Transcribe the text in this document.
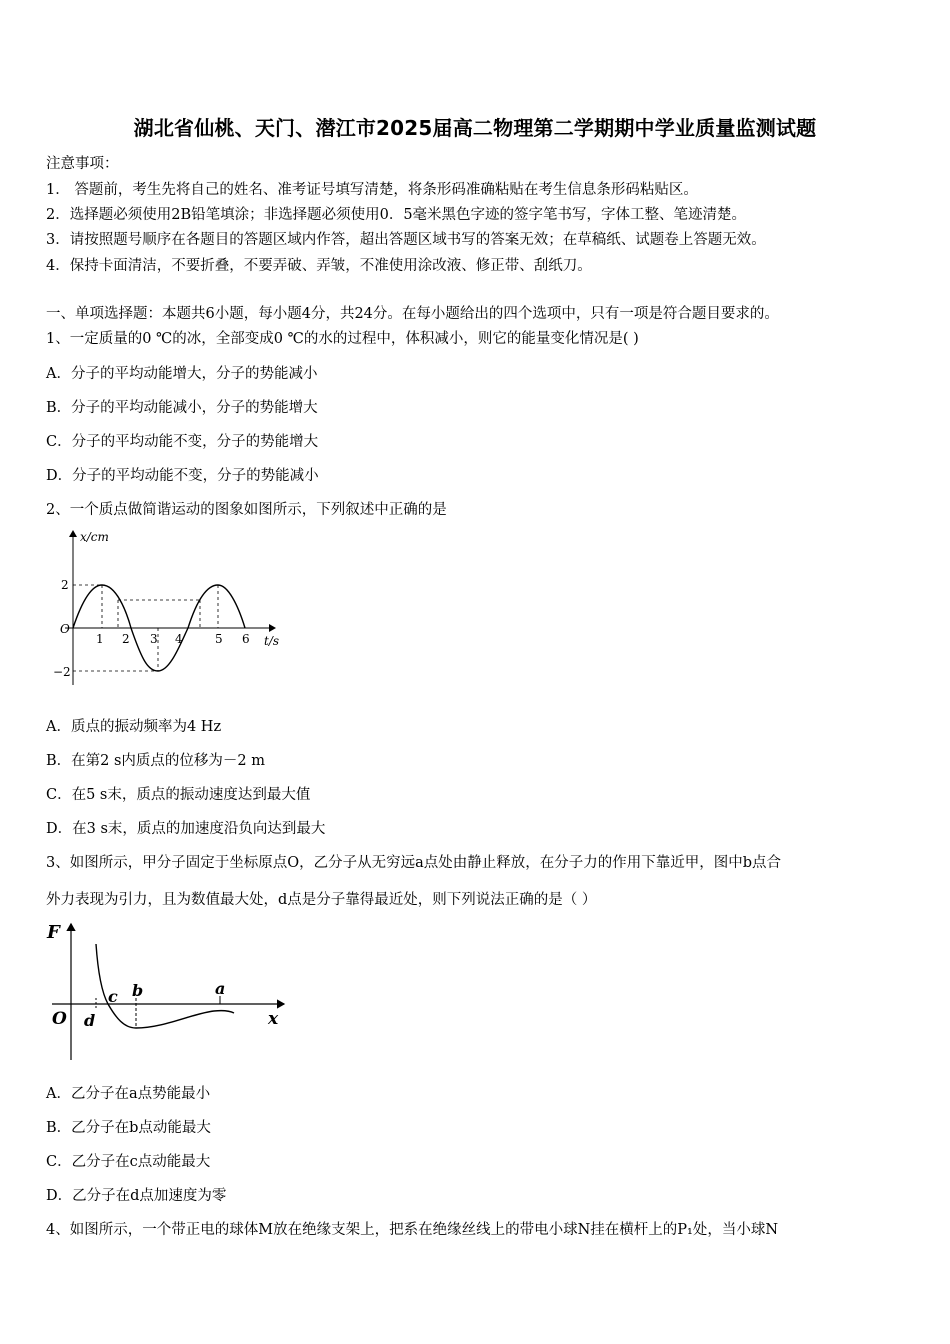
湖北省仙桃、天门、潜江市2025届高二物理第二学期期中学业质量监测试题
注意事项：
1． 答题前，考生先将自己的姓名、准考证号填写清楚，将条形码准确粘贴在考生信息条形码粘贴区。
2．选择题必须使用2B铅笔填涂；非选择题必须使用0．5毫米黑色字迹的签字笔书写，字体工整、笔迹清楚。
3．请按照题号顺序在各题目的答题区域内作答，超出答题区域书写的答案无效；在草稿纸、试题卷上答题无效。
4．保持卡面清洁，不要折叠，不要弄破、弄皱，不准使用涂改液、修正带、刮纸刀。
一、单项选择题：本题共6小题，每小题4分，共24分。在每小题给出的四个选项中，只有一项是符合题目要求的。
1、一定质量的0 ℃的冰，全部变成0 ℃的水的过程中，体积减小，则它的能量变化情况是( )
A．分子的平均动能增大，分子的势能减小
B．分子的平均动能减小，分子的势能增大
C．分子的平均动能不变，分子的势能增大
D．分子的平均动能不变，分子的势能减小
2、一个质点做简谐运动的图象如图所示，下列叙述中正确的是
x/cm
t/s
O
2
−2
1 2 3 4	5 6
A．质点的振动频率为4 Hz
B．在第2 s内质点的位移为－2 m
C．在5 s末，质点的振动速度达到最大值
D．在3 s末，质点的加速度沿负向达到最大
3、如图所示，甲分子固定于坐标原点O，乙分子从无穷远a点处由静止释放，在分子力的作用下靠近甲，图中b点合
外力表现为引力，且为数值最大处，d点是分子靠得最近处，则下列说法正确的是（ ）
F
x
O
c b	a
d
A．乙分子在a点势能最小
B．乙分子在b点动能最大
C．乙分子在c点动能最大
D．乙分子在d点加速度为零
4、如图所示，一个带正电的球体M放在绝缘支架上，把系在绝缘丝线上的带电小球N挂在横杆上的P₁处，当小球N
